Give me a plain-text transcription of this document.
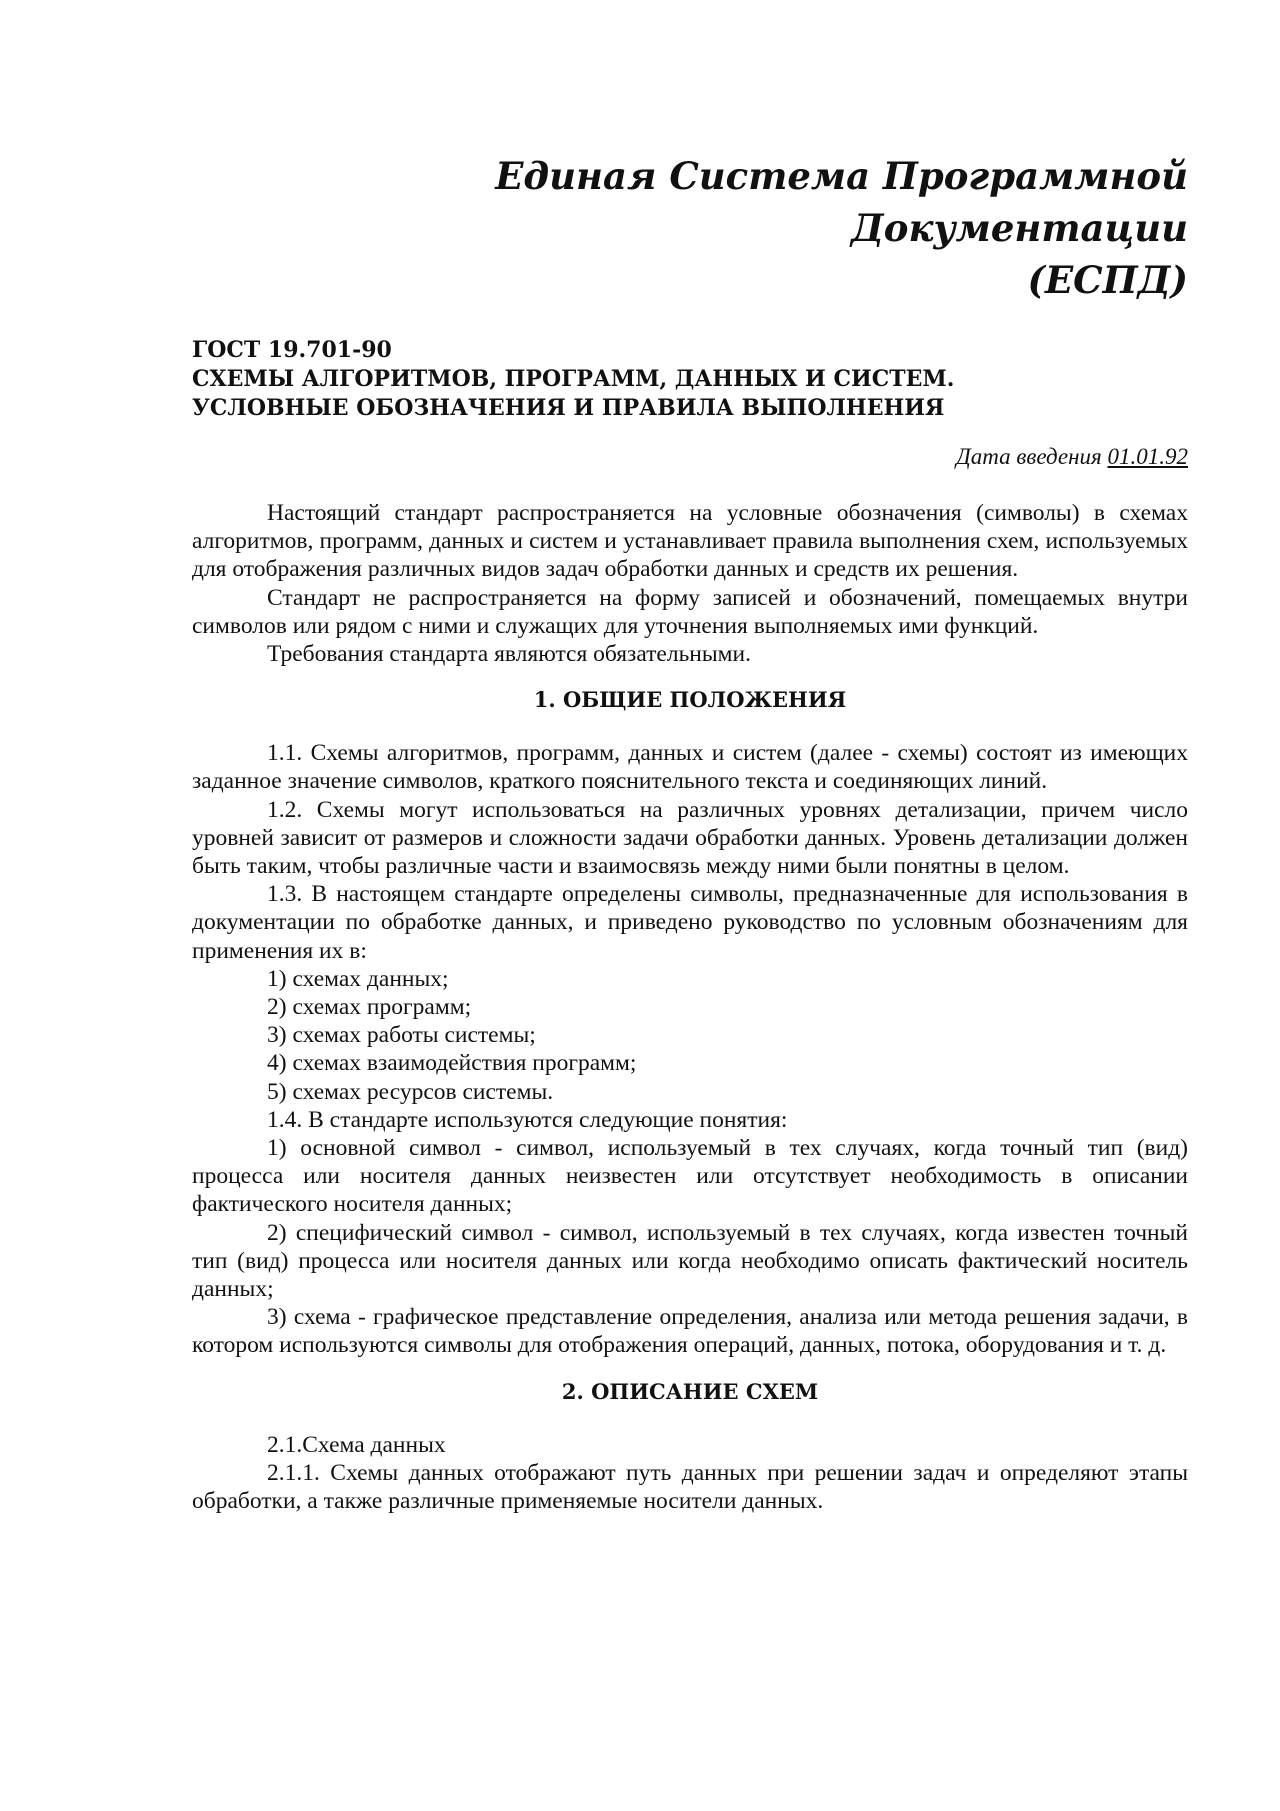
Единая Система Программной Документации
(ЕСПД)
ГОСТ 19.701-90
СХЕМЫ АЛГОРИТМОВ, ПРОГРАММ, ДАННЫХ И СИСТЕМ.
УСЛОВНЫЕ ОБОЗНАЧЕНИЯ И ПРАВИЛА ВЫПОЛНЕНИЯ
Дата введения 01.01.92

Настоящий стандарт распространяется на условные обозначения (символы) в схемах алгоритмов, программ, данных и систем и устанавливает правила выполнения схем, используемых для отображения различных видов задач обработки данных и средств их решения.

Стандарт не распространяется на форму записей и обозначений, помещаемых внутри символов или рядом с ними и служащих для уточнения выполняемых ими функций.

Требования стандарта являются обязательными.

1. ОБЩИЕ ПОЛОЖЕНИЯ

1.1. Схемы алгоритмов, программ, данных и систем (далее - схемы) состоят из имеющих заданное значение символов, краткого пояснительного текста и соединяющих линий.

1.2. Схемы могут использоваться на различных уровнях детализации, причем число уровней зависит от размеров и сложности задачи обработки данных. Уровень детализации должен быть таким, чтобы различные части и взаимосвязь между ними были понятны в целом.

1.3. В настоящем стандарте определены символы, предназначенные для использования в документации по обработке данных, и приведено руководство по условным обозначениям для применения их в:

1) схемах данных;
2) схемах программ;
3) схемах работы системы;
4) схемах взаимодействия программ;
5) схемах ресурсов системы.

1.4. В стандарте используются следующие понятия:

1) основной символ - символ, используемый в тех случаях, когда точный тип (вид) процесса или носителя данных неизвестен или отсутствует необходимость в описании фактического носителя данных;

2) специфический символ - символ, используемый в тех случаях, когда известен точный тип (вид) процесса или носителя данных или когда необходимо описать фактический носитель данных;

3) схема - графическое представление определения, анализа или метода решения задачи, в котором используются символы для отображения операций, данных, потока, оборудования и т. д.

2. ОПИСАНИЕ СХЕМ

2.1.Схема данных

2.1.1. Схемы данных отображают путь данных при решении задач и определяют этапы обработки, а также различные применяемые носители данных.
